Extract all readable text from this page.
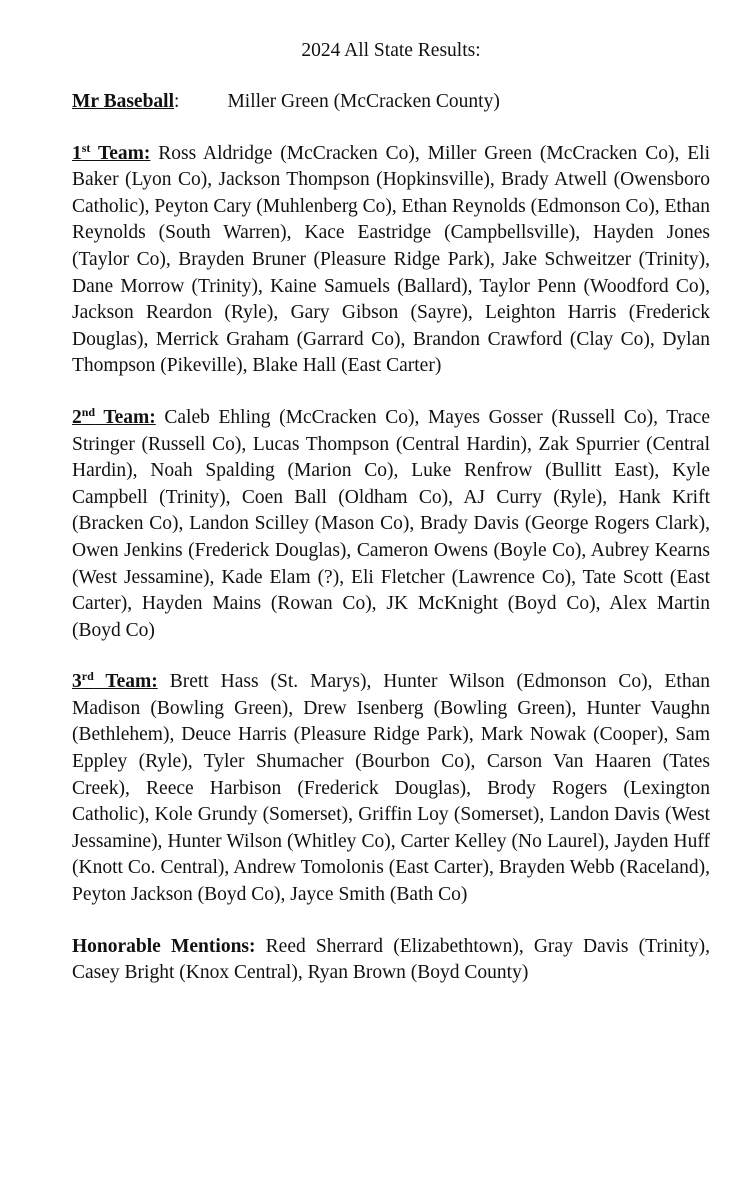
2024 All State Results:
Mr Baseball: Miller Green (McCracken County)
1st Team: Ross Aldridge (McCracken Co), Miller Green (McCracken Co), Eli Baker (Lyon Co), Jackson Thompson (Hopkinsville), Brady Atwell (Owensboro Catholic), Peyton Cary (Muhlenberg Co), Ethan Reynolds (Edmonson Co), Ethan Reynolds (South Warren), Kace Eastridge (Campbellsville), Hayden Jones (Taylor Co), Brayden Bruner (Pleasure Ridge Park), Jake Schweitzer (Trinity), Dane Morrow (Trinity), Kaine Samuels (Ballard), Taylor Penn (Woodford Co), Jackson Reardon (Ryle), Gary Gibson (Sayre), Leighton Harris (Frederick Douglas), Merrick Graham (Garrard Co), Brandon Crawford (Clay Co), Dylan Thompson (Pikeville), Blake Hall (East Carter)
2nd Team: Caleb Ehling (McCracken Co), Mayes Gosser (Russell Co), Trace Stringer (Russell Co), Lucas Thompson (Central Hardin), Zak Spurrier (Central Hardin), Noah Spalding (Marion Co), Luke Renfrow (Bullitt East), Kyle Campbell (Trinity), Coen Ball (Oldham Co), AJ Curry (Ryle), Hank Krift (Bracken Co), Landon Scilley (Mason Co), Brady Davis (George Rogers Clark), Owen Jenkins (Frederick Douglas), Cameron Owens (Boyle Co), Aubrey Kearns (West Jessamine), Kade Elam (?), Eli Fletcher (Lawrence Co), Tate Scott (East Carter), Hayden Mains (Rowan Co), JK McKnight (Boyd Co), Alex Martin (Boyd Co)
3rd Team: Brett Hass (St. Marys), Hunter Wilson (Edmonson Co), Ethan Madison (Bowling Green), Drew Isenberg (Bowling Green), Hunter Vaughn (Bethlehem), Deuce Harris (Pleasure Ridge Park), Mark Nowak (Cooper), Sam Eppley (Ryle), Tyler Shumacher (Bourbon Co), Carson Van Haaren (Tates Creek), Reece Harbison (Frederick Douglas), Brody Rogers (Lexington Catholic), Kole Grundy (Somerset), Griffin Loy (Somerset), Landon Davis (West Jessamine), Hunter Wilson (Whitley Co), Carter Kelley (No Laurel), Jayden Huff (Knott Co. Central), Andrew Tomolonis (East Carter), Brayden Webb (Raceland), Peyton Jackson (Boyd Co), Jayce Smith (Bath Co)
Honorable Mentions: Reed Sherrard (Elizabethtown), Gray Davis (Trinity), Casey Bright (Knox Central), Ryan Brown (Boyd County)
